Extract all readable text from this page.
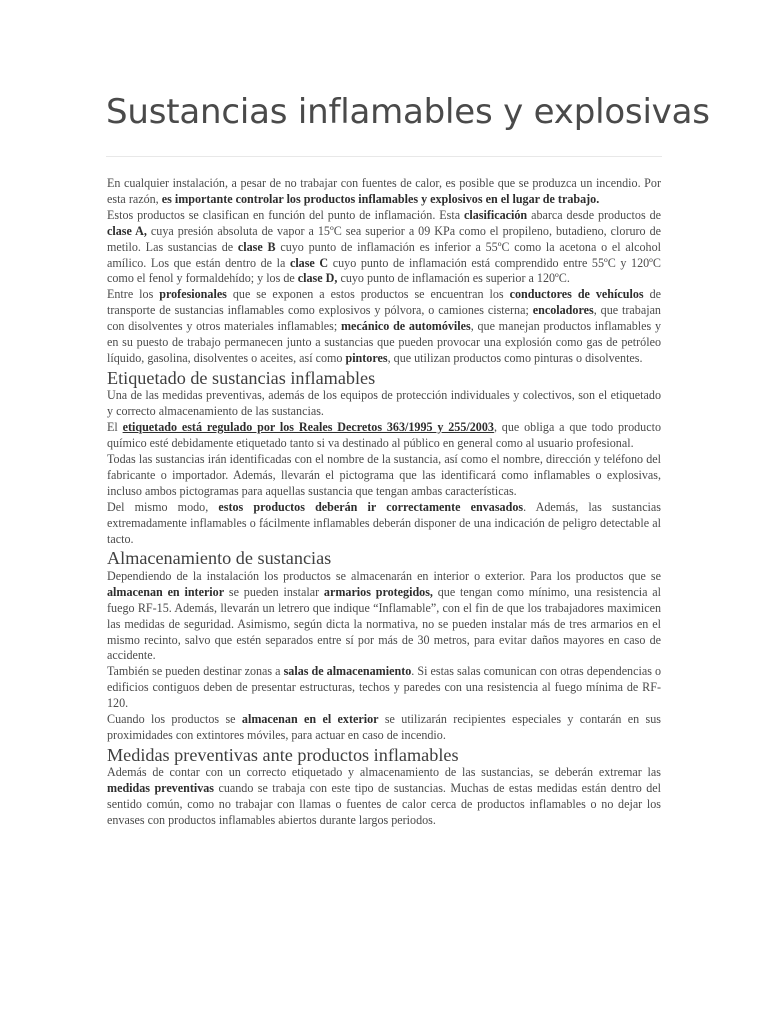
Sustancias inflamables y explosivas

En cualquier instalación, a pesar de no trabajar con fuentes de calor, es posible que se produzca un incendio. Por esta razón, es importante controlar los productos inflamables y explosivos en el lugar de trabajo.

Estos productos se clasifican en función del punto de inflamación. Esta clasificación abarca desde productos de clase A, cuya presión absoluta de vapor a 15ºC sea superior a 09 KPa como el propileno, butadieno, cloruro de metilo. Las sustancias de clase B cuyo punto de inflamación es inferior a 55ºC como la acetona o el alcohol amílico. Los que están dentro de la clase C cuyo punto de inflamación está comprendido entre 55ºC y 120ºC como el fenol y formaldehído; y los de clase D, cuyo punto de inflamación es superior a 120ºC.

Entre los profesionales que se exponen a estos productos se encuentran los conductores de vehículos de transporte de sustancias inflamables como explosivos y pólvora, o camiones cisterna; encoladores, que trabajan con disolventes y otros materiales inflamables; mecánico de automóviles, que manejan productos inflamables y en su puesto de trabajo permanecen junto a sustancias que pueden provocar una explosión como gas de petróleo líquido, gasolina, disolventes o aceites, así como pintores, que utilizan productos como pinturas o disolventes.

Etiquetado de sustancias inflamables

Una de las medidas preventivas, además de los equipos de protección individuales y colectivos, son el etiquetado y correcto almacenamiento de las sustancias.

El etiquetado está regulado por los Reales Decretos 363/1995 y 255/2003, que obliga a que todo producto químico esté debidamente etiquetado tanto si va destinado al público en general como al usuario profesional.

Todas las sustancias irán identificadas con el nombre de la sustancia, así como el nombre, dirección y teléfono del fabricante o importador. Además, llevarán el pictograma que las identificará como inflamables o explosivas, incluso ambos pictogramas para aquellas sustancia que tengan ambas características.

Del mismo modo, estos productos deberán ir correctamente envasados. Además, las sustancias extremadamente inflamables o fácilmente inflamables deberán disponer de una indicación de peligro detectable al tacto.

Almacenamiento de sustancias

Dependiendo de la instalación los productos se almacenarán en interior o exterior. Para los productos que se almacenan en interior se pueden instalar armarios protegidos, que tengan como mínimo, una resistencia al fuego RF-15. Además, llevarán un letrero que indique “Inflamable”, con el fin de que los trabajadores maximicen las medidas de seguridad. Asimismo, según dicta la normativa, no se pueden instalar más de tres armarios en el mismo recinto, salvo que estén separados entre sí por más de 30 metros, para evitar daños mayores en caso de accidente.

También se pueden destinar zonas a salas de almacenamiento. Si estas salas comunican con otras dependencias o edificios contiguos deben de presentar estructuras, techos y paredes con una resistencia al fuego mínima de RF-120.

Cuando los productos se almacenan en el exterior se utilizarán recipientes especiales y contarán en sus proximidades con extintores móviles, para actuar en caso de incendio.

Medidas preventivas ante productos inflamables

Además de contar con un correcto etiquetado y almacenamiento de las sustancias, se deberán extremar las medidas preventivas cuando se trabaja con este tipo de sustancias. Muchas de estas medidas están dentro del sentido común, como no trabajar con llamas o fuentes de calor cerca de productos inflamables o no dejar los envases con productos inflamables abiertos durante largos periodos.
